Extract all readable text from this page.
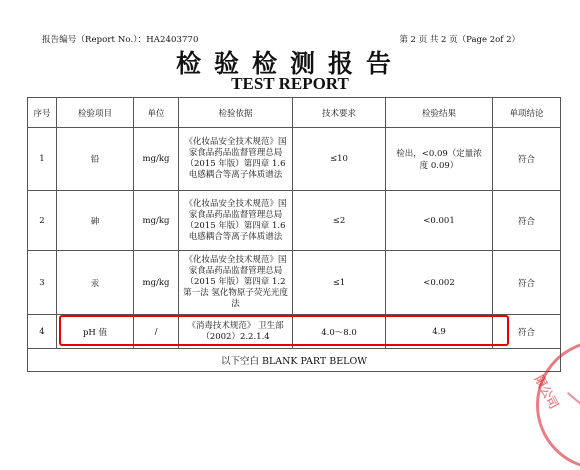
报告编号（Report No.）：HA2403770	第 2 页 共 2 页（Page 2of 2）
检验检测报告
TEST REPORT
序号	检验项目	单位	检验依据	技术要求	检验结果	单项结论
1	铅	mg/kg	《化妆品安全技术规范》国家食品药品监督管理总局（2015 年版）第四章 1.6 电感耦合等离子体质谱法	≤10	检出，<0.09（定量浓度 0.09）	符合
2	砷	mg/kg	《化妆品安全技术规范》国家食品药品监督管理总局（2015 年版）第四章 1.6 电感耦合等离子体质谱法	≤2	<0.001	符合
3	汞	mg/kg	《化妆品安全技术规范》国家食品药品监督管理总局（2015 年版）第四章 1.2 第一法 氢化物原子荧光光度法	≤1	<0.002	符合
4	pH 值	/	《消毒技术规范》 卫生部（2002）2.2.1.4	4.0～8.0	4.9	符合
以下空白 BLANK PART BELOW						
限公司
